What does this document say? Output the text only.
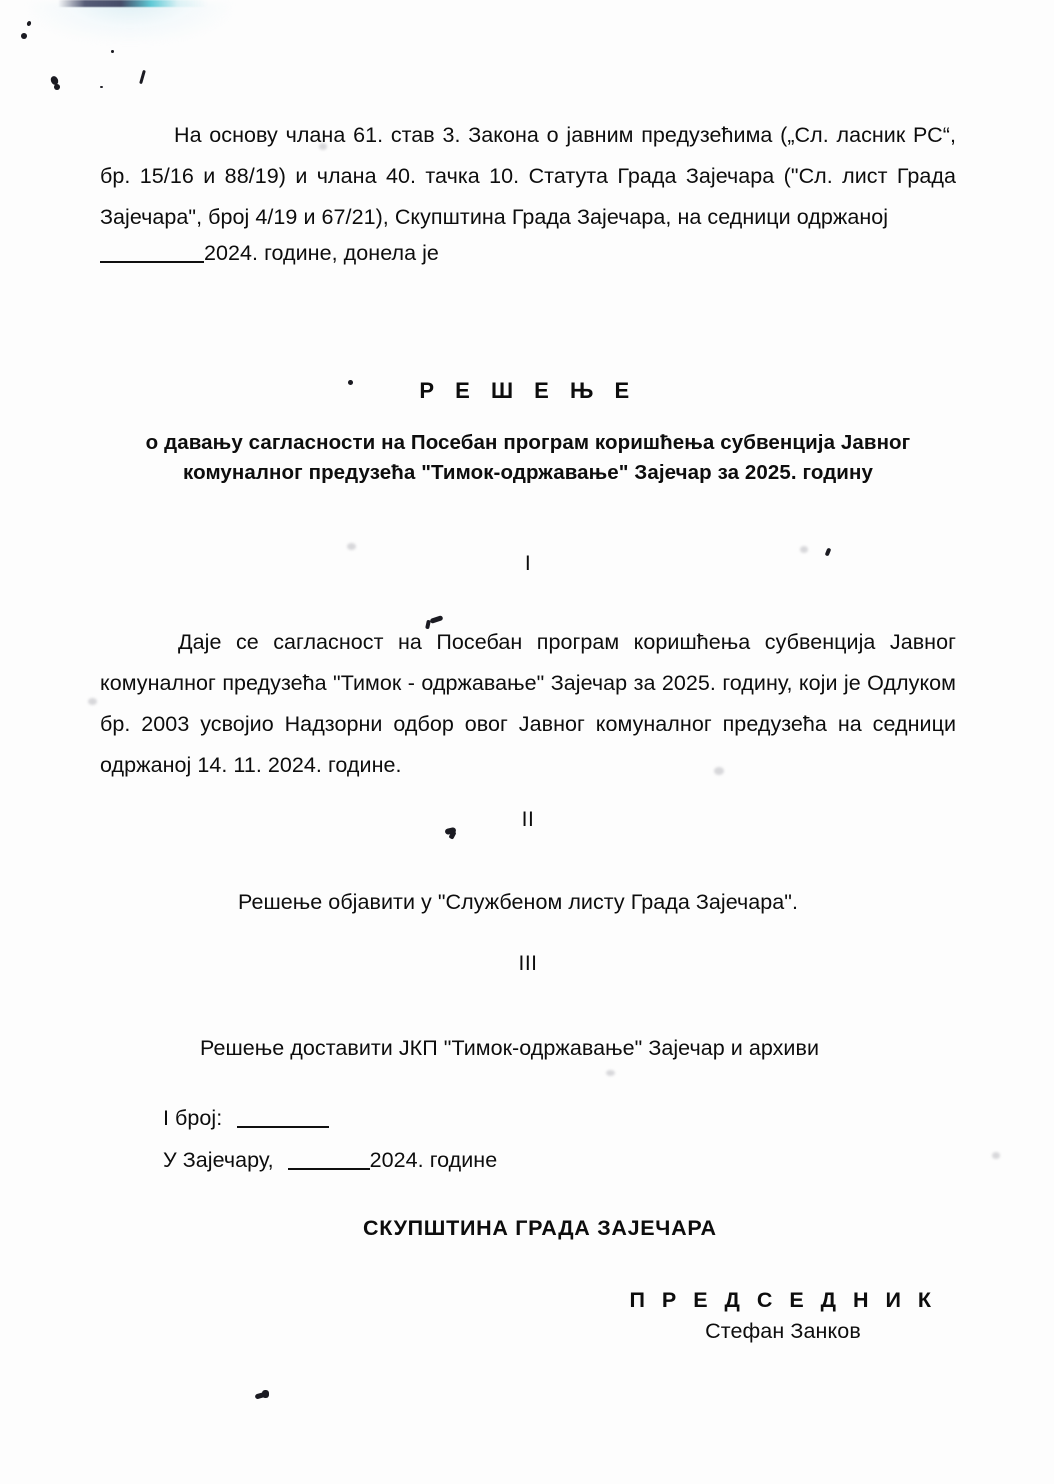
На основу члана 61. став 3. Закона о јавним предузећима („Сл. ласник РС“, бр. 15/16 и 88/19) и члана 40. тачка 10. Статута Града Зајечара ("Сл. лист Града Зајечара", број 4/19 и 67/21), Скупштина Града Зајечара, на седници одржаној
2024. године, донела је
Р Е Ш Е Њ Е
о давању сагласности на Посебан програм коришћења субвенција Јавног
комуналног предузећа "Тимок-одржавање" Зајечар за 2025. годину
I
Даје се сагласност на Посебан програм коришћења субвенција Јавног комуналног предузећа "Тимок - одржавање" Зајечар за 2025. годину, који је Одлуком бр. 2003 усвојио Надзорни одбор овог Јавног комуналног предузећа на седници одржаној 14. 11. 2024. године.
II
Решење објавити у "Службеном листу Града Зајечара".
III
Решење доставити ЈКП "Тимок-одржавање" Зајечар и архиви
I број:
У Зајечару,	2024. године
СКУПШТИНА ГРАДА ЗАЈЕЧАРА
П Р Е Д С Е Д Н И К
Стефан Занков
